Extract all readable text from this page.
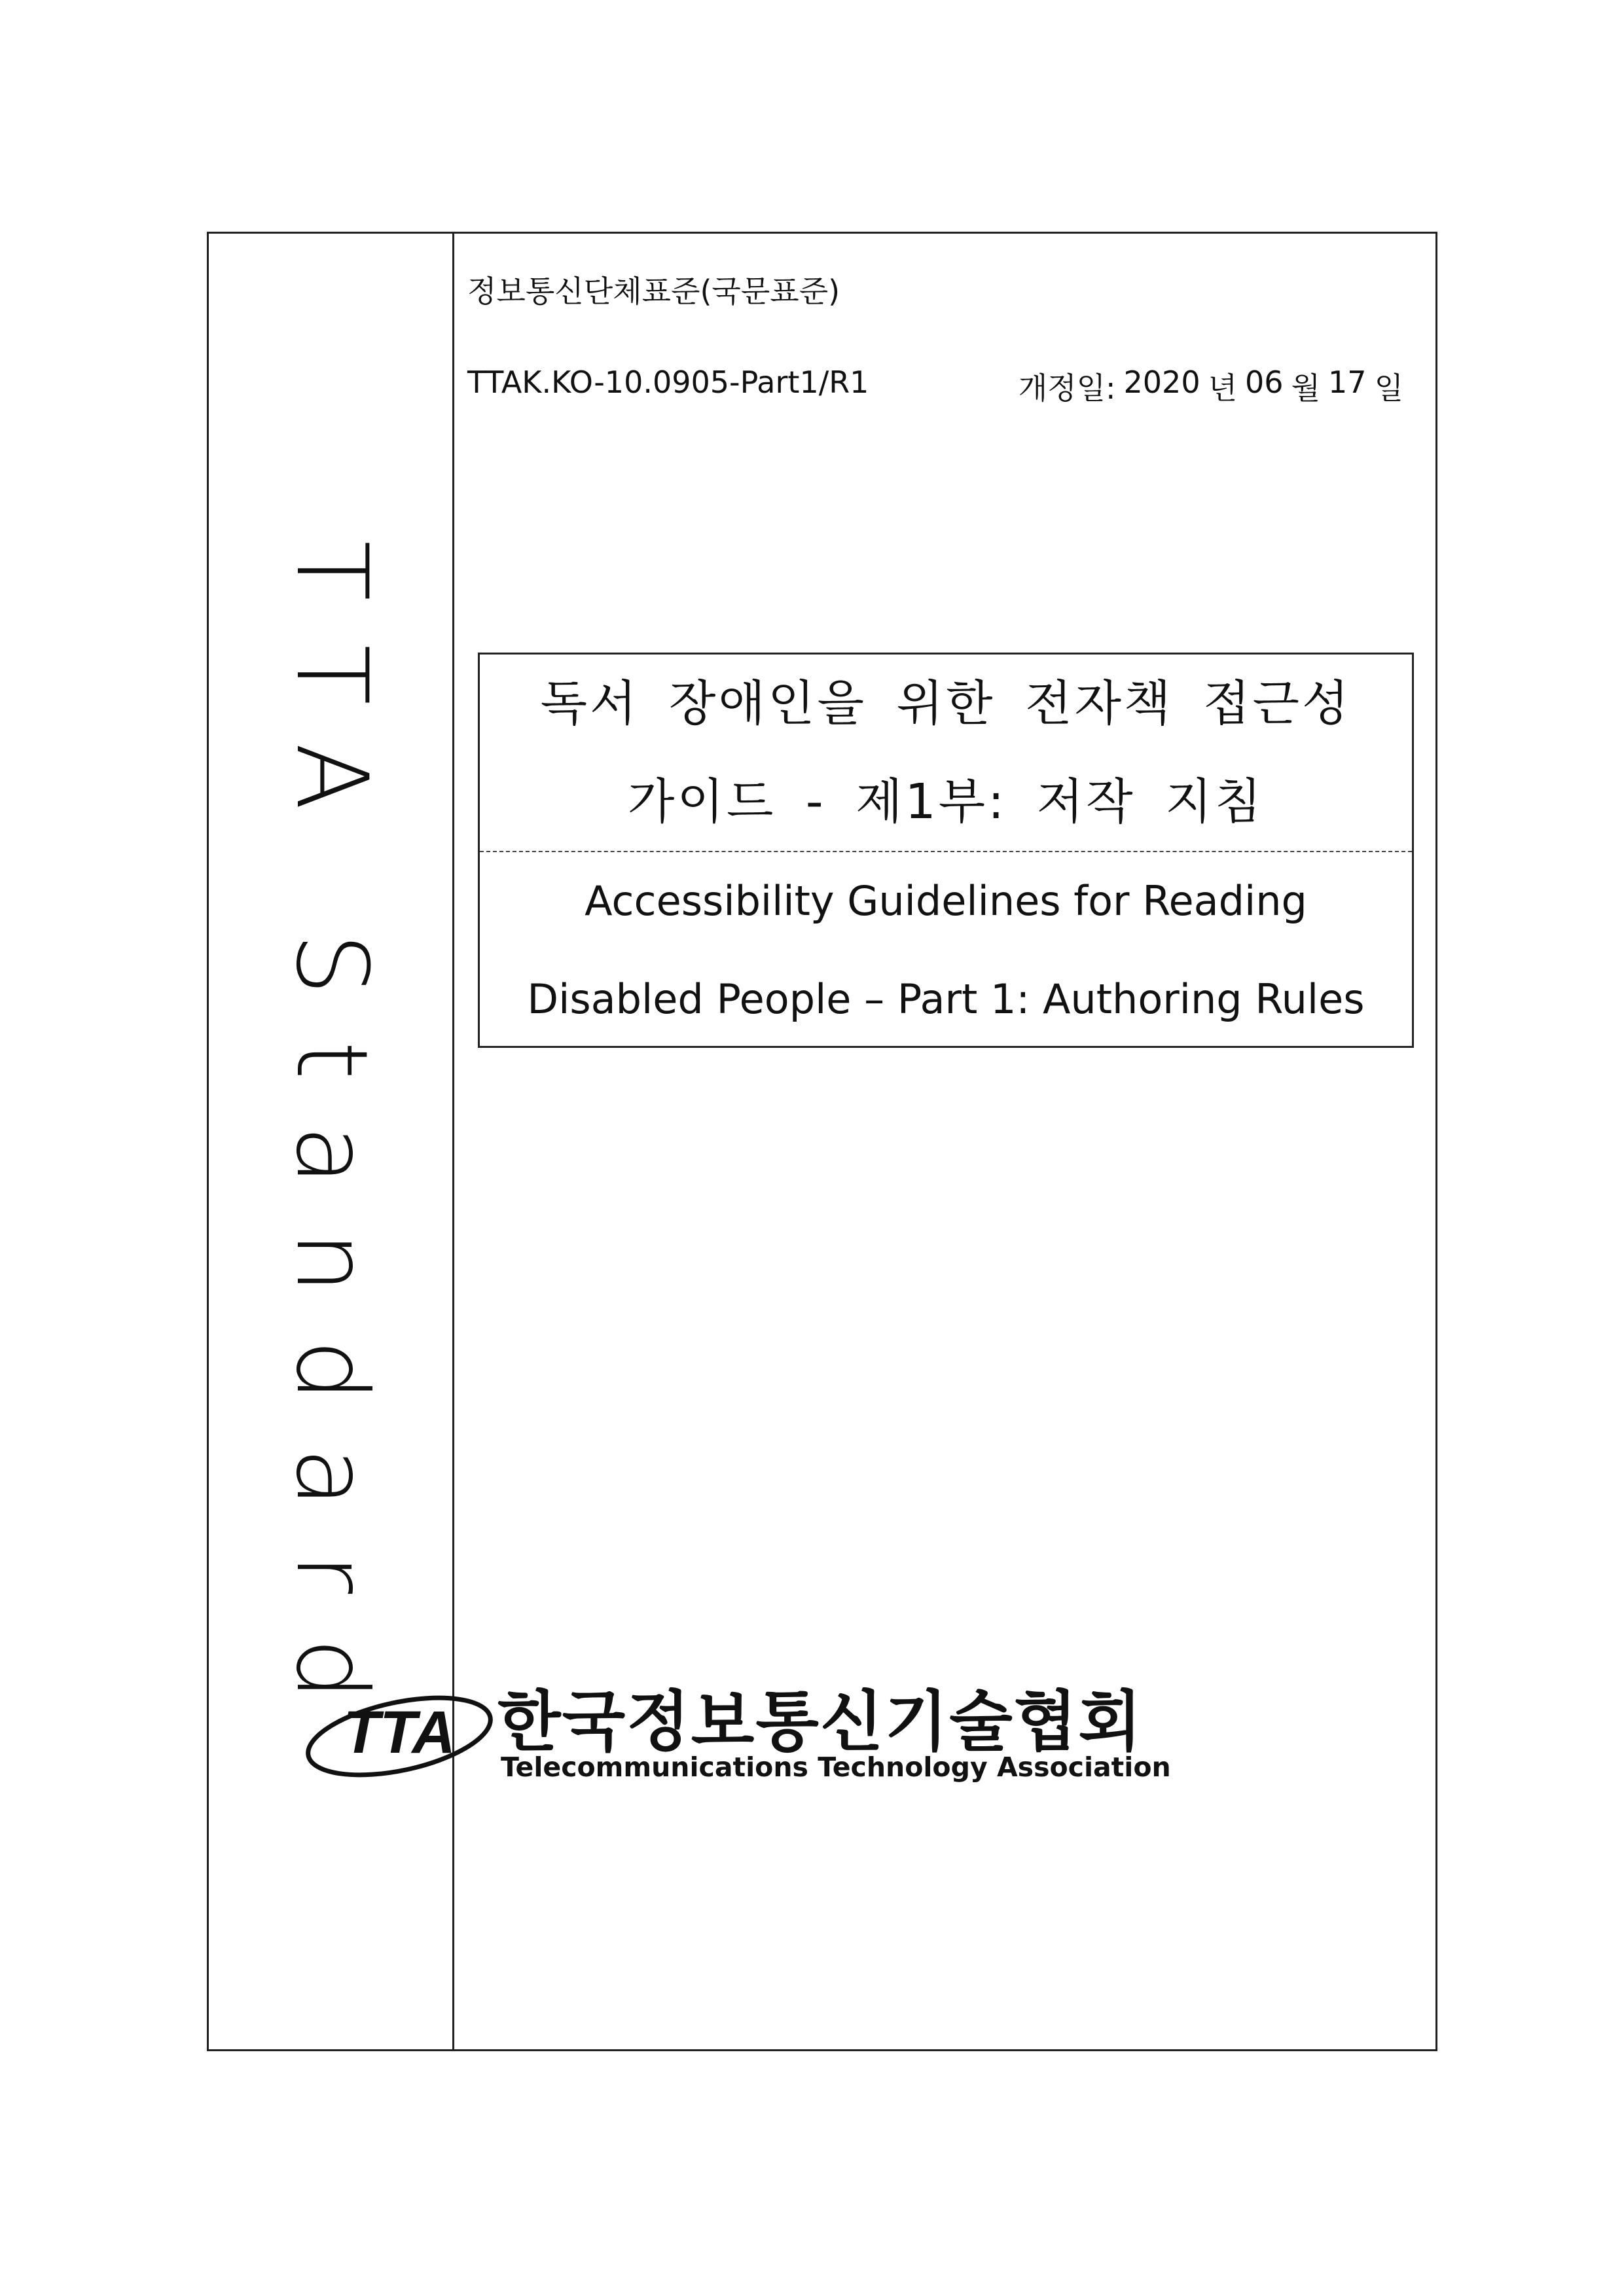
TTA Standard
정보통신단체표준(국문표준)
TTAK.KO-10.0905-Part1/R1	개정일: 2020 년 06 월 17 일
독서 장애인을 위한 전자책 접근성
가이드 - 제1부: 저작 지침
Accessibility Guidelines for Reading
Disabled People – Part 1: Authoring Rules
TTA 한국정보통신기술협회
Telecommunications Technology Association
